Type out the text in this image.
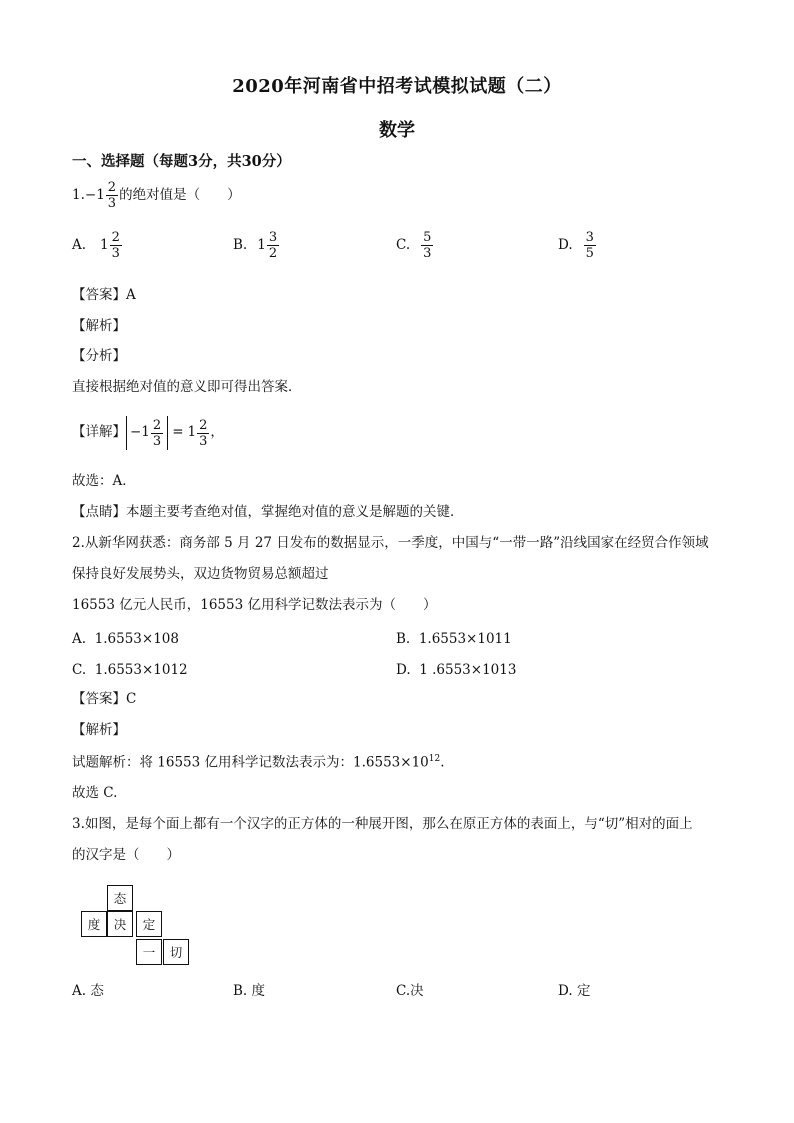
2020年河南省中招考试模拟试题（二）
数学
一、选择题（每题3分，共30分）
1. − $1 \frac{2}{3}$ 的绝对值是（　　）
A. $1 \frac{2}{3}$	B. $1 \frac{3}{2}$	C. $\frac{5}{3}$	D. $\frac{3}{5}$
【答案】A
【解析】
【分析】
直接根据绝对值的意义即可得出答案．
【详解】 $-1 \frac{2}{3} = 1 \frac{2}{3}$ ，
故选：A．
【点睛】本题主要考查绝对值，掌握绝对值的意义是解题的关键．
2.从新华网获悉：商务部 5 月 27 日发布的数据显示，一季度，中国与“一带一路”沿线国家在经贸合作领域
保持良好发展势头，双边货物贸易总额超过
16553 亿元人民币，16553 亿用科学记数法表示为（　　）
A. 1.6553×108	B. 1.6553×1011
C. 1.6553×1012	D. 1 .6553×1013
【答案】C
【解析】
试题解析：将 16553 亿用科学记数法表示为：$1.6553\times 10^{12}$.
故选 C.
3.如图，是每个面上都有一个汉字的正方体的一种展开图，那么在原正方体的表面上，与“切”相对的面上
的汉字是（　　）
态
度	决	定
一	切
A. 态	B. 度	C.决	D. 定
